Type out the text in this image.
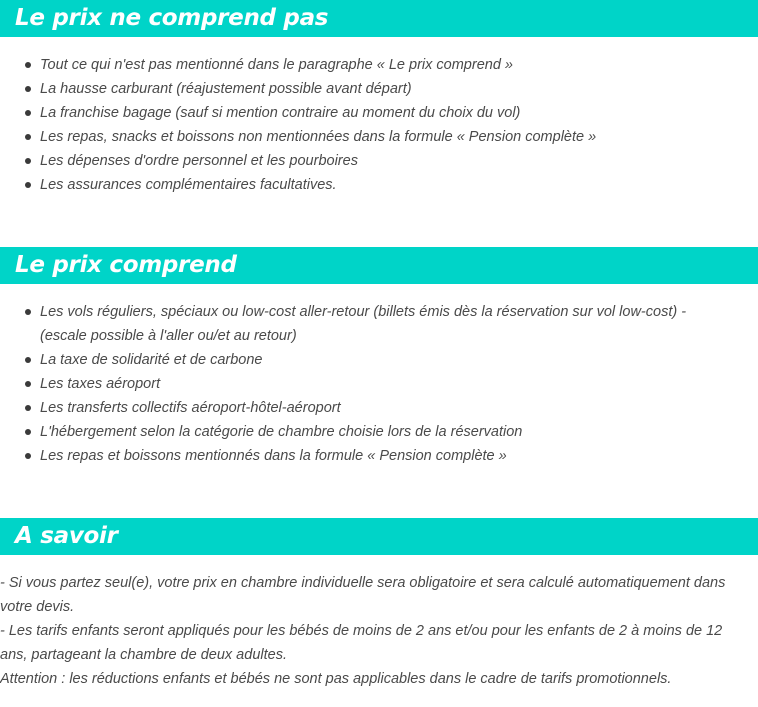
Le prix ne comprend pas
Tout ce qui n'est pas mentionné dans le paragraphe « Le prix comprend »
La hausse carburant (réajustement possible avant départ)
La franchise bagage (sauf si mention contraire au moment du choix du vol)
Les repas, snacks et boissons non mentionnées dans la formule « Pension complète »
Les dépenses d'ordre personnel et les pourboires
Les assurances complémentaires facultatives.
Le prix comprend
Les vols réguliers, spéciaux ou low-cost aller-retour (billets émis dès la réservation sur vol low-cost) - (escale possible à l'aller ou/et au retour)
La taxe de solidarité et de carbone
Les taxes aéroport
Les transferts collectifs aéroport-hôtel-aéroport
L'hébergement selon la catégorie de chambre choisie lors de la réservation
Les repas et boissons mentionnés dans la formule « Pension complète »
A savoir

- Si vous partez seul(e), votre prix en chambre individuelle sera obligatoire et sera calculé automatiquement dans votre devis.

- Les tarifs enfants seront appliqués pour les bébés de moins de 2 ans et/ou pour les enfants de 2 à moins de 12 ans, partageant la chambre de deux adultes.

Attention : les réductions enfants et bébés ne sont pas applicables dans le cadre de tarifs promotionnels.
